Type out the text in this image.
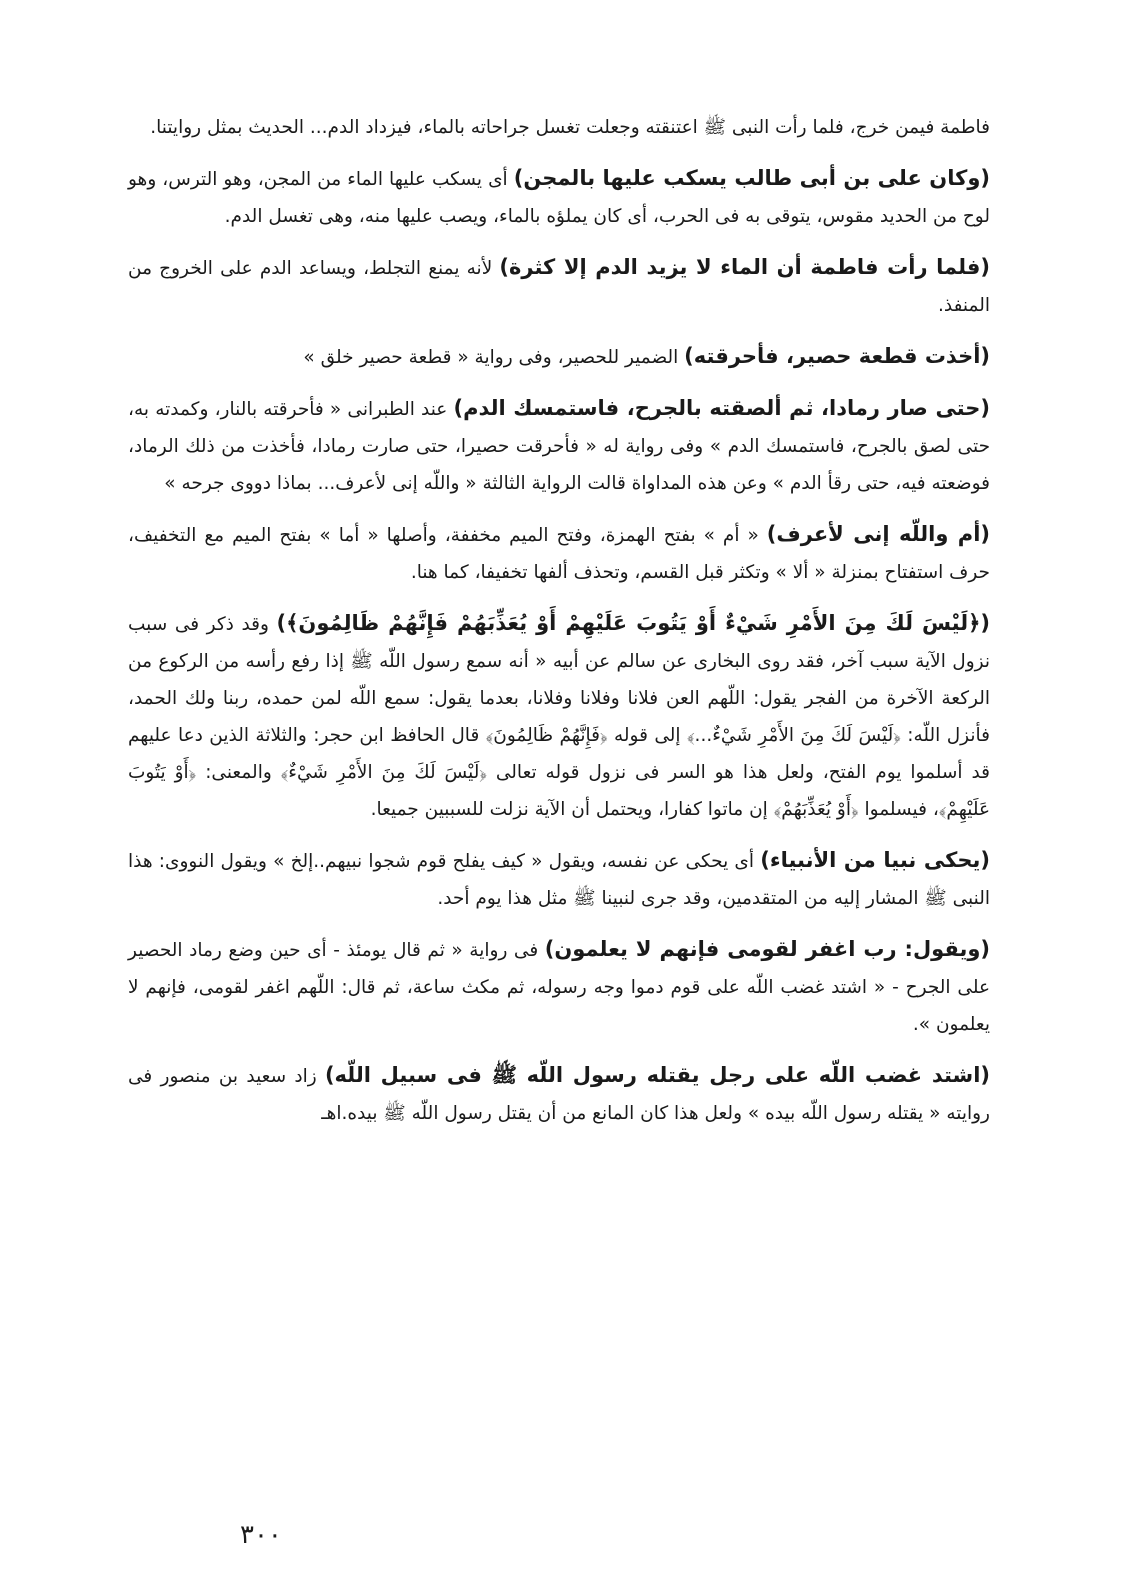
فاطمة فيمن خرج، فلما رأت النبى ﷺ اعتنقته وجعلت تغسل جراحاته بالماء، فيزداد الدم... الحديث بمثل روايتنا.

(وكان على بن أبى طالب يسكب عليها بالمجن) أى يسكب عليها الماء من المجن، وهو الترس، وهو لوح من الحديد مقوس، يتوقى به فى الحرب، أى كان يملؤه بالماء، ويصب عليها منه، وهى تغسل الدم.

(فلما رأت فاطمة أن الماء لا يزيد الدم إلا كثرة) لأنه يمنع التجلط، ويساعد الدم على الخروج من المنفذ.

(أخذت قطعة حصير، فأحرقته) الضمير للحصير، وفى رواية « قطعة حصير خلق »

(حتى صار رمادا، ثم ألصقته بالجرح، فاستمسك الدم) عند الطبرانى « فأحرقته بالنار، وكمدته به، حتى لصق بالجرح، فاستمسك الدم » وفى رواية له « فأحرقت حصيرا، حتى صارت رمادا، فأخذت من ذلك الرماد، فوضعته فيه، حتى رقأ الدم » وعن هذه المداواة قالت الرواية الثالثة « واللّه إنى لأعرف... بماذا دووى جرحه »

(أم واللّه إنى لأعرف) « أم » بفتح الهمزة، وفتح الميم مخففة، وأصلها « أما » بفتح الميم مع التخفيف، حرف استفتاح بمنزلة « ألا » وتكثر قبل القسم، وتحذف ألفها تخفيفا، كما هنا.

(﴿لَيْسَ لَكَ مِنَ الأَمْرِ شَيْءٌ أَوْ يَتُوبَ عَلَيْهِمْ أَوْ يُعَذِّبَهُمْ فَإِنَّهُمْ ظَالِمُونَ﴾) وقد ذكر فى سبب نزول الآية سبب آخر، فقد روى البخارى عن سالم عن أبيه « أنه سمع رسول اللّه ﷺ إذا رفع رأسه من الركوع من الركعة الآخرة من الفجر يقول: اللّهم العن فلانا وفلانا وفلانا، بعدما يقول: سمع اللّه لمن حمده، ربنا ولك الحمد، فأنزل اللّه: ﴿لَيْسَ لَكَ مِنَ الأَمْرِ شَيْءٌ...﴾ إلى قوله ﴿فَإِنَّهُمْ ظَالِمُونَ﴾ قال الحافظ ابن حجر: والثلاثة الذين دعا عليهم قد أسلموا يوم الفتح، ولعل هذا هو السر فى نزول قوله تعالى ﴿لَيْسَ لَكَ مِنَ الأَمْرِ شَيْءٌ﴾ والمعنى: ﴿أَوْ يَتُوبَ عَلَيْهِمْ﴾، فيسلموا ﴿أَوْ يُعَذِّبَهُمْ﴾ إن ماتوا كفارا، ويحتمل أن الآية نزلت للسببين جميعا.

(يحكى نبيا من الأنبياء) أى يحكى عن نفسه، ويقول « كيف يفلح قوم شجوا نبيهم..إلخ » ويقول النووى: هذا النبى ﷺ المشار إليه من المتقدمين، وقد جرى لنبينا ﷺ مثل هذا يوم أحد.

(ويقول: رب اغفر لقومى فإنهم لا يعلمون) فى رواية « ثم قال يومئذ - أى حين وضع رماد الحصير على الجرح - « اشتد غضب اللّه على قوم دموا وجه رسوله، ثم مكث ساعة، ثم قال: اللّهم اغفر لقومى، فإنهم لا يعلمون ».

(اشتد غضب اللّه على رجل يقتله رسول اللّه ﷺ فى سبيل اللّه) زاد سعيد بن منصور فى روايته « يقتله رسول اللّه بيده » ولعل هذا كان المانع من أن يقتل رسول اللّه ﷺ بيده.اهـ

٣٠٠
